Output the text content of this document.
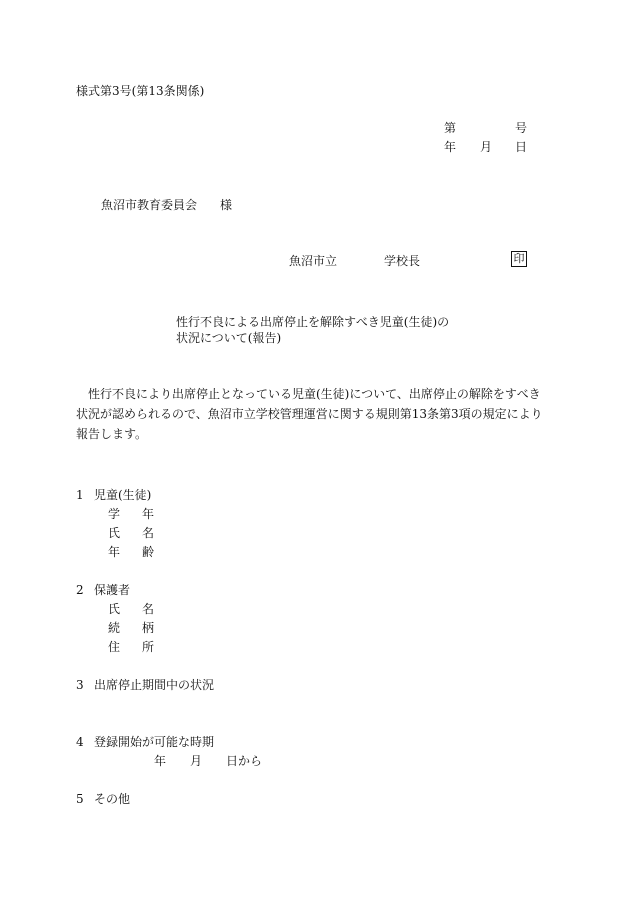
様式第3号(第13条関係)
第	号
年 月 日
魚沼市教育委員会 様
魚沼市立	学校長	印
性行不良による出席停止を解除すべき児童(生徒)の
状況について(報告)
性行不良により出席停止となっている児童(生徒)について、出席停止の解除をすべき状況が認められるので、魚沼市立学校管理運営に関する規則第13条第3項の規定により報告します。
1 児童(生徒)
学 年
氏 名
年 齢
2 保護者
氏 名
続 柄
住 所
3 出席停止期間中の状況
4 登録開始が可能な時期
年 月 日から
5 その他
